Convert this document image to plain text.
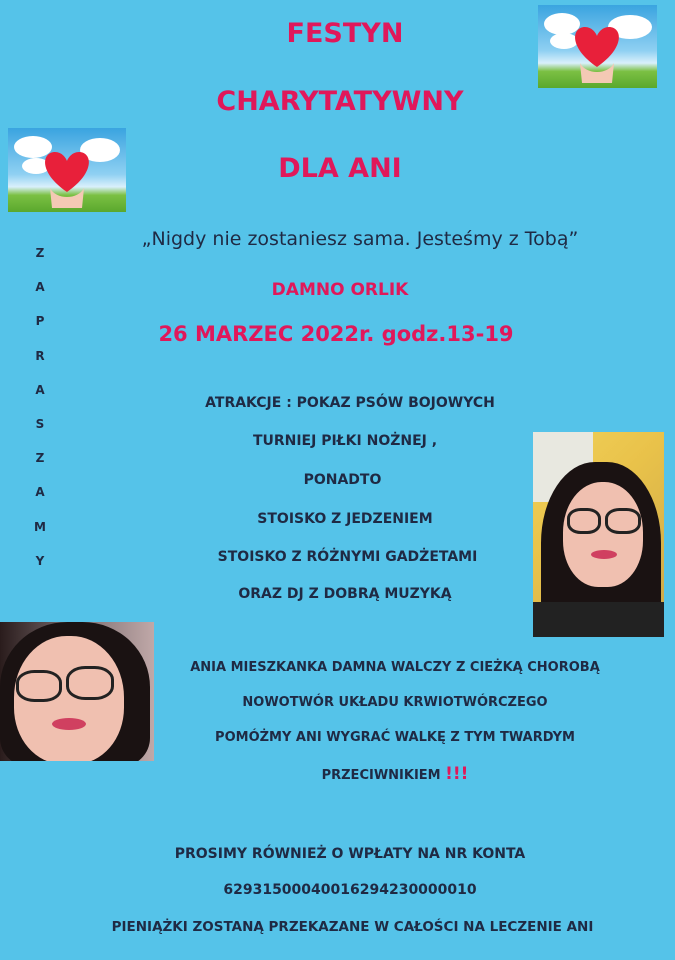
FESTYN
CHARYTATYWNY
DLA ANI
„Nigdy nie zostaniesz sama. Jesteśmy z Tobą”
DAMNO ORLIK
26 MARZEC 2022r. godz.13-19
Z
A
P
R
A
S
Z
A
M
Y
ATRAKCJE : POKAZ PSÓW BOJOWYCH
TURNIEJ PIŁKI NOŻNEJ ,
PONADTO
STOISKO Z JEDZENIEM
STOISKO Z RÓŻNYMI GADŻETAMI
ORAZ DJ Z DOBRĄ MUZYKĄ
ANIA MIESZKANKA DAMNA WALCZY Z CIEŻKĄ CHOROBĄ
NOWOTWÓR UKŁADU KRWIOTWÓRCZEGO
POMÓŻMY ANI WYGRAĆ WALKĘ Z TYM TWARDYM
PRZECIWNIKIEM !!!
PROSIMY RÓWNIEŻ O WPŁATY NA NR KONTA
62931500040016294230000010
PIENIĄŻKI ZOSTANĄ PRZEKAZANE W CAŁOŚCI NA LECZENIE ANI
